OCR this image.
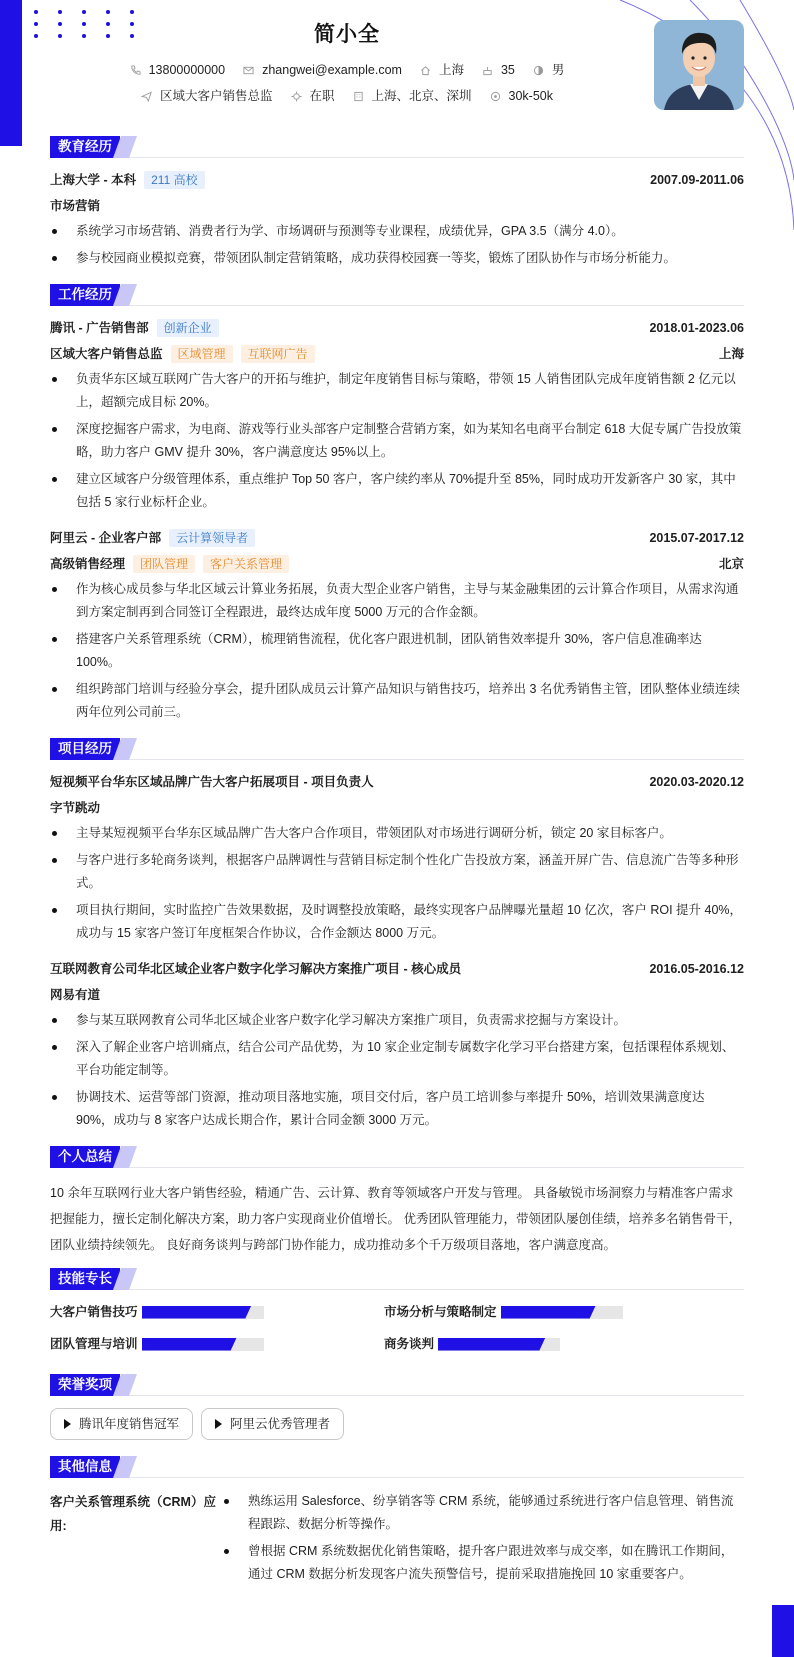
简小全
13800000000	zhangwei@example.com	上海	35	男
区域大客户销售总监	在职	上海、北京、深圳	30k-50k
教育经历
上海大学 - 本科	211 高校	2007.09-2011.06
市场营销
系统学习市场营销、消费者行为学、市场调研与预测等专业课程，成绩优异，GPA 3.5（满分 4.0）。
参与校园商业模拟竞赛，带领团队制定营销策略，成功获得校园赛一等奖，锻炼了团队协作与市场分析能力。
工作经历
腾讯 - 广告销售部	创新企业	2018.01-2023.06
区域大客户销售总监	区域管理	互联网广告	上海
负责华东区域互联网广告大客户的开拓与维护，制定年度销售目标与策略，带领 15 人销售团队完成年度销售额 2 亿元以上，超额完成目标 20%。
深度挖掘客户需求，为电商、游戏等行业头部客户定制整合营销方案，如为某知名电商平台制定 618 大促专属广告投放策略，助力客户 GMV 提升 30%，客户满意度达 95%以上。
建立区域客户分级管理体系，重点维护 Top 50 客户，客户续约率从 70%提升至 85%，同时成功开发新客户 30 家，其中包括 5 家行业标杆企业。
阿里云 - 企业客户部	云计算领导者	2015.07-2017.12
高级销售经理	团队管理	客户关系管理	北京
作为核心成员参与华北区域云计算业务拓展，负责大型企业客户销售，主导与某金融集团的云计算合作项目，从需求沟通到方案定制再到合同签订全程跟进，最终达成年度 5000 万元的合作金额。
搭建客户关系管理系统（CRM），梳理销售流程，优化客户跟进机制，团队销售效率提升 30%，客户信息准确率达 100%。
组织跨部门培训与经验分享会，提升团队成员云计算产品知识与销售技巧，培养出 3 名优秀销售主管，团队整体业绩连续两年位列公司前三。
项目经历
短视频平台华东区域品牌广告大客户拓展项目 - 项目负责人	2020.03-2020.12
字节跳动
主导某短视频平台华东区域品牌广告大客户合作项目，带领团队对市场进行调研分析，锁定 20 家目标客户。
与客户进行多轮商务谈判，根据客户品牌调性与营销目标定制个性化广告投放方案，涵盖开屏广告、信息流广告等多种形式。
项目执行期间，实时监控广告效果数据，及时调整投放策略，最终实现客户品牌曝光量超 10 亿次，客户 ROI 提升 40%，成功与 15 家客户签订年度框架合作协议，合作金额达 8000 万元。
互联网教育公司华北区域企业客户数字化学习解决方案推广项目 - 核心成员	2016.05-2016.12
网易有道
参与某互联网教育公司华北区域企业客户数字化学习解决方案推广项目，负责需求挖掘与方案设计。
深入了解企业客户培训痛点，结合公司产品优势，为 10 家企业定制专属数字化学习平台搭建方案，包括课程体系规划、平台功能定制等。
协调技术、运营等部门资源，推动项目落地实施，项目交付后，客户员工培训参与率提升 50%，培训效果满意度达 90%，成功与 8 家客户达成长期合作，累计合同金额 3000 万元。
个人总结

10 余年互联网行业大客户销售经验，精通广告、云计算、教育等领域客户开发与管理。 具备敏锐市场洞察力与精准客户需求把握能力，擅长定制化解决方案，助力客户实现商业价值增长。 优秀团队管理能力，带领团队屡创佳绩，培养多名销售骨干，团队业绩持续领先。 良好商务谈判与跨部门协作能力，成功推动多个千万级项目落地，客户满意度高。

技能专长
大客户销售技巧	市场分析与策略制定
团队管理与培训	商务谈判
荣誉奖项
腾讯年度销售冠军	阿里云优秀管理者
其他信息
客户关系管理系统（CRM）应用:
熟练运用 Salesforce、纷享销客等 CRM 系统，能够通过系统进行客户信息管理、销售流程跟踪、数据分析等操作。
曾根据 CRM 系统数据优化销售策略，提升客户跟进效率与成交率，如在腾讯工作期间，通过 CRM 数据分析发现客户流失预警信号，提前采取措施挽回 10 家重要客户。
